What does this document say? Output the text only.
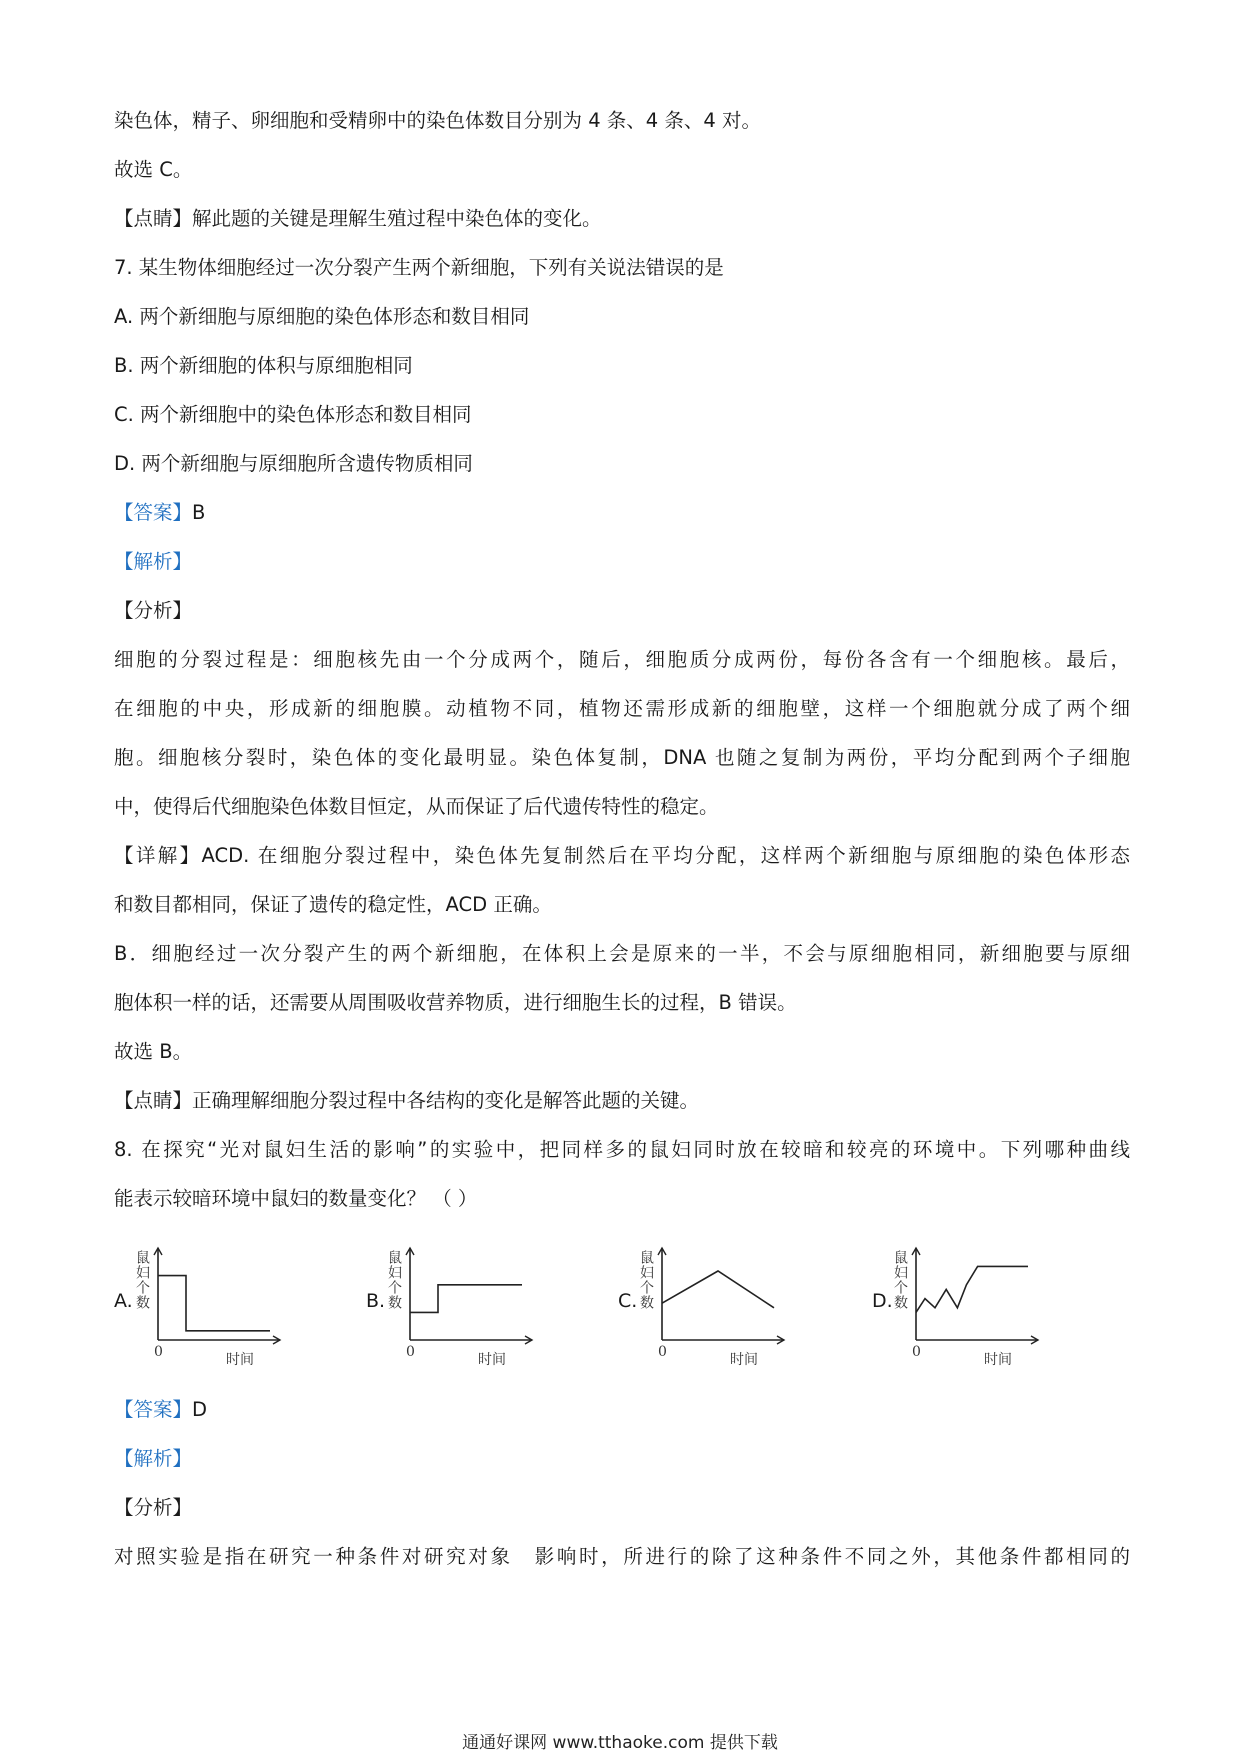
染色体，精子、卵细胞和受精卵中的染色体数目分别为 4 条、4 条、4 对。
故选 C。
【点睛】解此题的关键是理解生殖过程中染色体的变化。
7. 某生物体细胞经过一次分裂产生两个新细胞，下列有关说法错误的是
A. 两个新细胞与原细胞的染色体形态和数目相同
B. 两个新细胞的体积与原细胞相同
C. 两个新细胞中的染色体形态和数目相同
D. 两个新细胞与原细胞所含遗传物质相同
【答案】B
【解析】
【分析】
细胞的分裂过程是：细胞核先由一个分成两个，随后，细胞质分成两份，每份各含有一个细胞核。最后，
在细胞的中央，形成新的细胞膜。动植物不同，植物还需形成新的细胞壁，这样一个细胞就分成了两个细
胞。细胞核分裂时，染色体的变化最明显。染色体复制，DNA 也随之复制为两份，平均分配到两个子细胞
中，使得后代细胞染色体数目恒定，从而保证了后代遗传特性的稳定。
【详解】ACD. 在细胞分裂过程中，染色体先复制然后在平均分配，这样两个新细胞与原细胞的染色体形态
和数目都相同，保证了遗传的稳定性，ACD 正确。
B．细胞经过一次分裂产生的两个新细胞，在体积上会是原来的一半，不会与原细胞相同，新细胞要与原细
胞体积一样的话，还需要从周围吸收营养物质，进行细胞生长的过程，B 错误。
故选 B。
【点睛】正确理解细胞分裂过程中各结构的变化是解答此题的关键。
8. 在探究“光对鼠妇生活的影响”的实验中，把同样多的鼠妇同时放在较暗和较亮的环境中。下列哪种曲线
能表示较暗环境中鼠妇的数量变化？ （ ）
A. 鼠妇个数
时间
0
B. 鼠妇个数
时间
0
C. 鼠妇个数
时间
0
D. 鼠妇个数
时间
0
【答案】D
【解析】
【分析】
对照实验是指在研究一种条件对研究对象　影响时，所进行的除了这种条件不同之外，其他条件都相同的
通通好课网 www.tthaoke.com 提供下载
